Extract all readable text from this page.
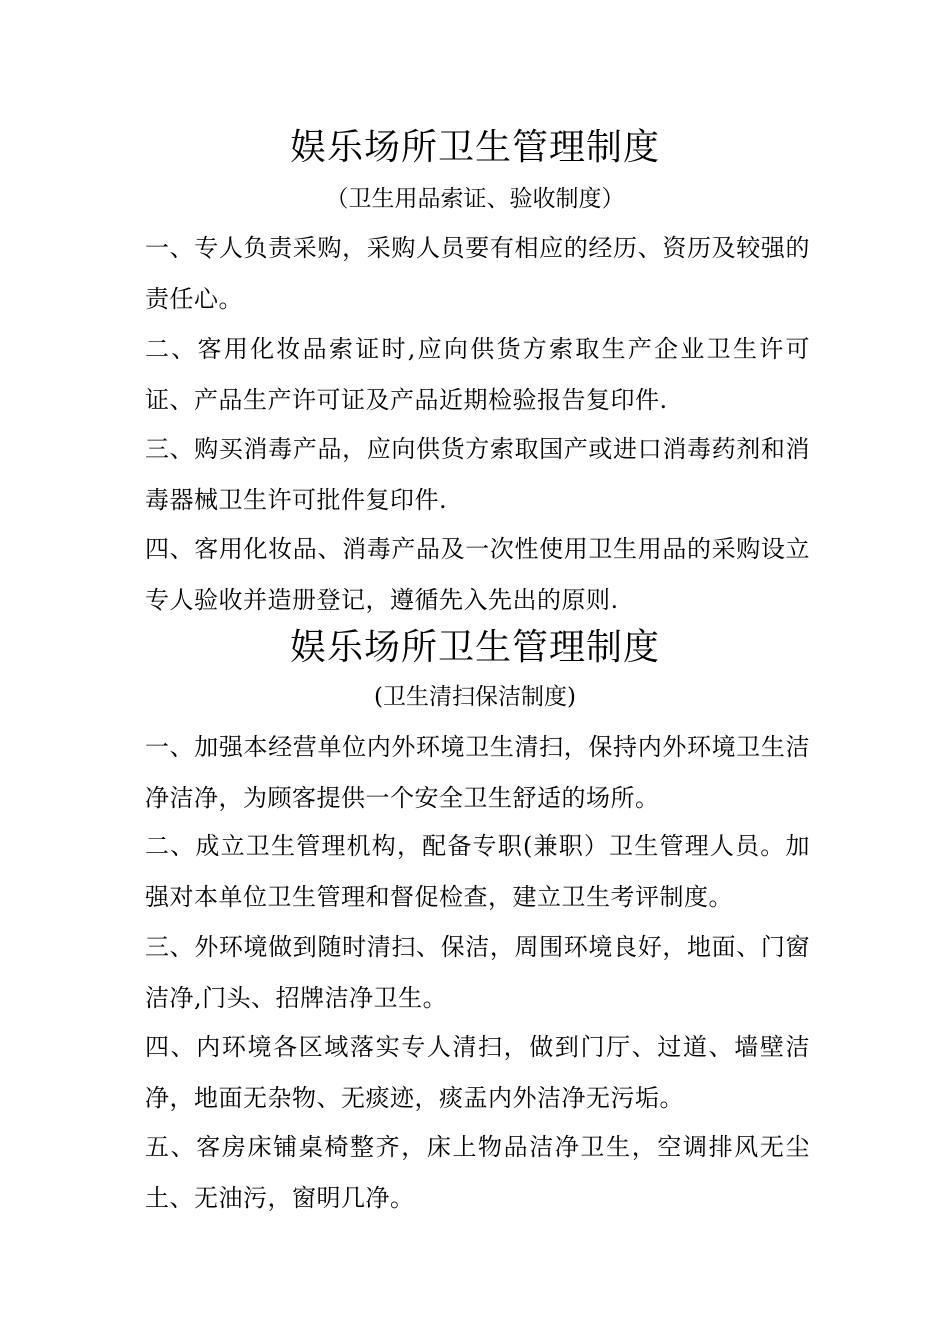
娱乐场所卫生管理制度
（卫生用品索证、验收制度）
一、专人负责采购，采购人员要有相应的经历、资历及较强的责任心。
二、客用化妆品索证时,应向供货方索取生产企业卫生许可证、产品生产许可证及产品近期检验报告复印件.
三、购买消毒产品，应向供货方索取国产或进口消毒药剂和消毒器械卫生许可批件复印件.
四、客用化妆品、消毒产品及一次性使用卫生用品的采购设立专人验收并造册登记，遵循先入先出的原则.
娱乐场所卫生管理制度
(卫生清扫保洁制度)
一、加强本经营单位内外环境卫生清扫，保持内外环境卫生洁净洁净，为顾客提供一个安全卫生舒适的场所。
二、成立卫生管理机构，配备专职(兼职）卫生管理人员。加强对本单位卫生管理和督促检查，建立卫生考评制度。
三、外环境做到随时清扫、保洁，周围环境良好，地面、门窗洁净,门头、招牌洁净卫生。
四、内环境各区域落实专人清扫，做到门厅、过道、墙壁洁净，地面无杂物、无痰迹，痰盂内外洁净无污垢。
五、客房床铺桌椅整齐，床上物品洁净卫生，空调排风无尘土、无油污，窗明几净。
